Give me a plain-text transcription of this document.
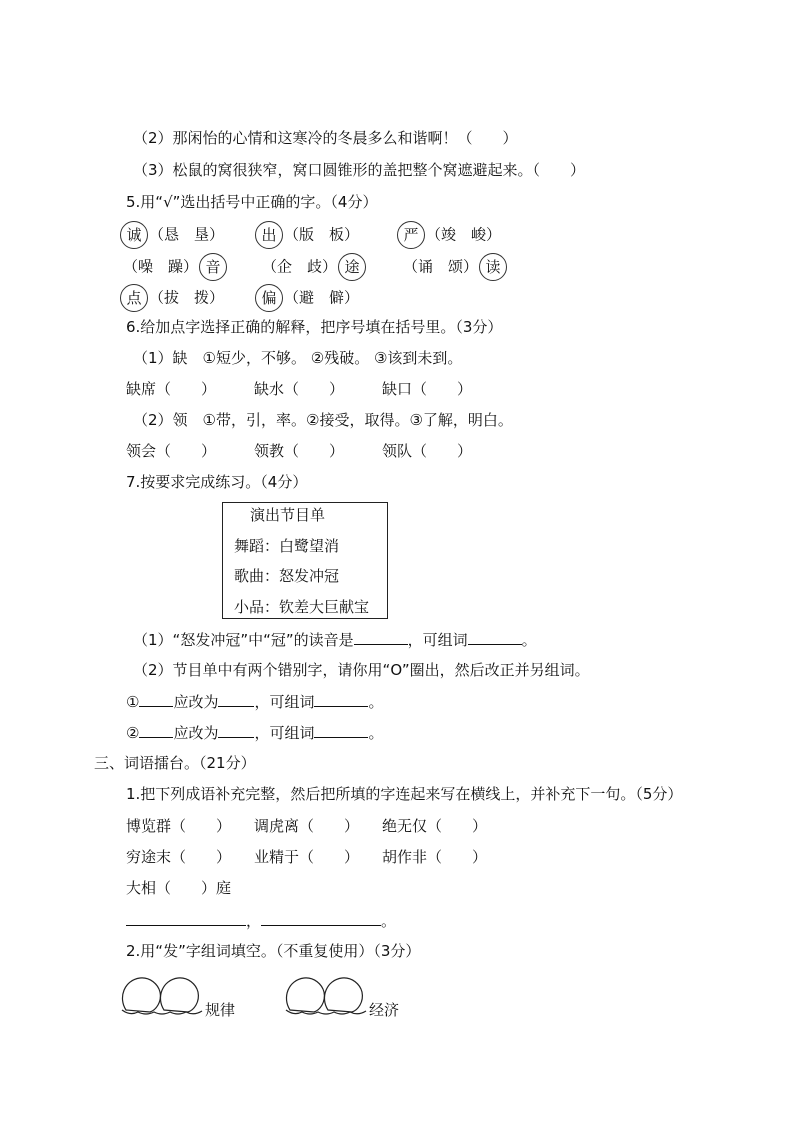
（2）那闲怡的心情和这寒冷的冬晨多么和谐啊！（　　）
（3）松鼠的窝很狭窄，窝口圆锥形的盖把整个窝遮避起来。（　　）
5.用“√”选出括号中正确的字。（4分）
诚 （恳　垦）	出 （版　板）	严 （竣　峻）
（噪　躁） 音	（企　歧） 途	（诵　颂） 读
点 （拔　拨）	偏 （避　僻）
6.给加点字选择正确的解释，把序号填在括号里。（3分）
（1）缺　①短少，不够。 ②残破。 ③该到未到。
缺席（　　）	缺水（　　）	缺口（　　）
（2）领　①带，引，率。②接受，取得。③了解，明白。
领会（　　）	领教（　　）	领队（　　）
7.按要求完成练习。（4分）
演出节目单
舞蹈：白鹭望消
歌曲：怒发冲冠
小品：钦差大巨献宝
（1）“怒发冲冠”中“冠”的读音是	，可组词	。
（2）节目单中有两个错别字，请你用“O”圈出，然后改正并另组词。
① 应改为 ，可组词	。
② 应改为 ，可组词	。
三、词语擂台。（21分）
1.把下列成语补充完整，然后把所填的字连起来写在横线上，并补充下一句。（5分）
博览群（　　） 调虎离（　　） 绝无仅（　　）
穷途末（　　） 业精于（　　） 胡作非（　　）
大相（　　）庭
，	。
2.用“发”字组词填空。（不重复使用）（3分）
规律	经济
